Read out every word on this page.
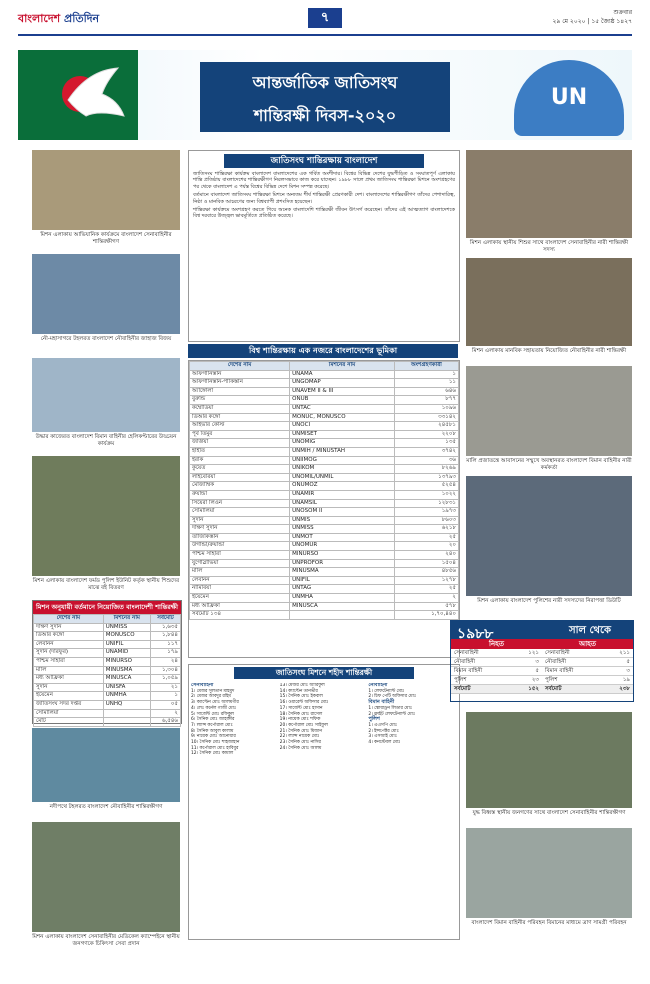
বাংলাদেশ প্রতিদিন	৭	শুক্রবার
২৯ মে ২০২০ | ১৫ জ্যৈষ্ঠ ১৪২৭
আন্তর্জাতিক জাতিসংঘ
শান্তিরক্ষী দিবস-২০২০
UN
মিশন এলাকায় আভিযানিক কার্যক্রমে বাংলাদেশ সেনাবাহিনীর শান্তিরক্ষীগণ
নৌ-মহাসাগরে টহলরত বাংলাদেশ নৌবাহিনীর জাহাজ বিজয়
উদ্ধার কাজেরত বাংলাদেশ বিমান বাহিনীর হেলিকপ্টারের উড্ডয়ন কার্যক্রম
মিশন এলাকায় বাংলাদেশ ফর্মড পুলিশ ইউনিট কর্তৃক স্থানীয় শিশুদের মাঝে বই বিতরণ
মিশন অনুযায়ী বর্তমানে নিয়োজিত বাংলাদেশী শান্তিরক্ষী
দেশের নাম	মিশনের নাম	সর্বমোট
দক্ষিণ সুদান	UNMISS	১,৬৩৫
ডিআর কঙ্গো	MONUSCO	১,৮৪৪
লেবানন	UNIFIL	১১৭
সুদান (দারফুর)	UNAMID	১৭৯
পশ্চিম সাহারা	MINURSO	২৪
মালি	MINUSMA	১,৩০৪
মধ্য আফ্রিকা	MINUSCA	১,০৫৯
সুদান	UNISFA	২১
ইয়েমেন	UNMHA	১
জাতিসংঘ সদর দপ্তর	UNHQ	০৫
সোমালিয়া		২
মোট		৬,৫৪৬
নদীপথে টহলরত বাংলাদেশ নৌবাহিনীর শান্তিরক্ষীগণ
মিশন এলাকায় বাংলাদেশ সেনাবাহিনীর মেডিকেল ক্যাম্পেইনে স্থানীয় জনগণকে চিকিৎসা সেবা প্রদান
জাতিসংঘ শান্তিরক্ষায় বাংলাদেশ

জাতিসংঘ শান্তিরক্ষা কার্যক্রম বাংলাদেশ বাংলাদেশের এক গর্বিত অংশীদার। বিশ্বের বিভিন্ন দেশের যুদ্ধপীড়িত ও সংঘাতপূর্ণ এলাকায় শান্তি প্রতিষ্ঠায় বাংলাদেশের শান্তিরক্ষীগণ নিরলসভাবে কাজ করে যাচ্ছেন। ১৯৮৮ সালে প্রথম জাতিসংঘ শান্তিরক্ষা মিশনে অংশগ্রহণের পর থেকে বাংলাদেশ এ পর্যন্ত বিশ্বের বিভিন্ন দেশে মিশন সম্পন্ন করেছে।

বর্তমানে বাংলাদেশ জাতিসংঘ শান্তিরক্ষা মিশনে অন্যতম শীর্ষ শান্তিরক্ষী প্রেরণকারী দেশ। বাংলাদেশের শান্তিরক্ষীগণ তাঁদের পেশাদারিত্ব, নিষ্ঠা ও মানবিক আচরণের জন্য বিশ্বব্যাপী প্রশংসিত হয়েছেন।

শান্তিরক্ষা কার্যক্রমে অংশগ্রহণ করতে গিয়ে অনেক বাংলাদেশি শান্তিরক্ষী জীবন উৎসর্গ করেছেন। তাঁদের এই আত্মত্যাগ বাংলাদেশকে বিশ্ব দরবারে উজ্জ্বল ভাবমূর্তিতে প্রতিষ্ঠিত করেছে।

বিশ্ব শান্তিরক্ষায় এক নজরে বাংলাদেশের ভূমিকা
দেশের নাম	মিশনের নাম	অংশগ্রহণকারী
আফগানিস্তান	UNAMA	১
আফগানিস্তান-পাকিস্তান	UNGOMAP	১১
অ্যাঙ্গোলা	UNAVEM II & III	৬৪৬
বুরুন্ডি	ONUB	৮৭৭
কম্বোডিয়া	UNTAC	১০৯৬
ডিআর কঙ্গো	MONUC, MONUSCO	৩৩১৪২
আইভরি কোস্ট	UNOCI	২৪৫৮১
পূর্ব তিমুর	UNMISET	২২০৮
জর্জিয়া	UNOMIG	১৩৫
হাইতি	UNMIH / MINUSTAH	৩৭৪২
ইরাক	UNIIMOG	৩৬
কুয়েত	UNIKOM	৮২৬৯
লাইবেরিয়া	UNOMIL/UNMIL	১৩৭৯৩
মোজাম্বিক	ONUMOZ	৫২৫৪
রুয়ান্ডা	UNAMIR	১০২২
সিয়েরা লিওন	UNAMSIL	১২৮৩১
সোমালিয়া	UNOSOM II	১৯৭৩
সুদান	UNMIS	৮৬০৩
দক্ষিণ সুদান	UNMISS	৬২১৮
তাজিকিস্তান	UNMOT	২৫
উগান্ডা/রুয়ান্ডা	UNOMUR	২০
পশ্চিম সাহারা	MINURSO	২৪০
যুগোস্লাভিয়া	UNPROFOR	১৫০৪
মালি	MINUSMA	৪৮৫৬
লেবানন	UNIFIL	১২৭৮
নামিবিয়া	UNTAG	২৫
ইয়েমেন	UNMHA	২
মধ্য আফ্রিকা	MINUSCA	৫৭৮
সর্বমোট ১৩৪		১,৭০,৪৪০
জাতিসংঘ মিশনে শহীদ শান্তিরক্ষী
সেনাবাহিনী
1। মেজর সুলতান মাহমুদ
2। মেজর আবদুর রহিম
3। ক্যাপ্টেন মোঃ আলমগীর
4। লেঃ কর্নেল গাজী মোঃ
5। সার্জেন্ট মোঃ রফিকুল
6। সৈনিক মোঃ জাহাঙ্গীর
7। ল্যান্স কর্পোরাল মোঃ
8। সৈনিক আবুল কালাম
9। নায়েক মোঃ আনোয়ার
10। সৈনিক মোঃ শাহজাহান
11। কর্পোরাল মোঃ হাবিবুর
12। সৈনিক মোঃ কামাল
13। মেজর মোঃ আরিফুল
14। ক্যাপ্টেন তানভীর
15। সৈনিক মোঃ ইকবাল
16। ওয়ারেন্ট অফিসার মোঃ
17। সার্জেন্ট মোঃ হাসান
18। সৈনিক মোঃ রাসেল
19। নায়েক মোঃ শফিক
20। কর্পোরাল মোঃ সাইফুল
21। সৈনিক মোঃ মিজান
22। ল্যান্স নায়েক মোঃ
23। সৈনিক মোঃ নাসির
24। সৈনিক মোঃ আলম
নৌবাহিনী
1। লেফটেন্যান্ট মোঃ
2। চিফ পেটি অফিসার মোঃ
বিমান বাহিনী
1। স্কোয়াড্রন লিডার মোঃ
2। ফ্লাইট লেফটেন্যান্ট মোঃ
পুলিশ
1। এএসপি মোঃ
2। ইন্সপেক্টর মোঃ
3। এসআই মোঃ
4। কনস্টেবল মোঃ
মিশন এলাকায় স্থানীয় শিশুর সাথে বাংলাদেশ সেনাবাহিনীর নারী শান্তিরক্ষী সদস্য
মিশন এলাকায় মানবিক সহায়তায় নিয়োজিত নৌবাহিনীর নারী শান্তিরক্ষী
মালি প্রজাতন্ত্রে আবাসনের সম্মুখে অবস্থানরত বাংলাদেশ বিমান বাহিনীর নারী কর্মকর্তা
মিশন এলাকায় বাংলাদেশ পুলিশের নারী সদস্যদের নিরাপত্তা ডিউটি
১৯৮৮	সাল থেকে
নিহত
সেনাবাহিনী	১২১
নৌবাহিনী	৩
বিমান বাহিনী	৫
পুলিশ	২৩
সর্বমোট	১৫২
আহত
সেনাবাহিনী	২১১
নৌবাহিনী	৫
বিমান বাহিনী	৩
পুলিশ	১৯
সর্বমোট	২৩৮
যুদ্ধ বিধ্বস্ত স্থানীয় জনগণের সাথে বাংলাদেশ সেনাবাহিনীর শান্তিরক্ষীগণ
বাংলাদেশ বিমান বাহিনীর পরিবহন বিমানের মাধ্যমে ত্রাণ সামগ্রী পরিবহন
